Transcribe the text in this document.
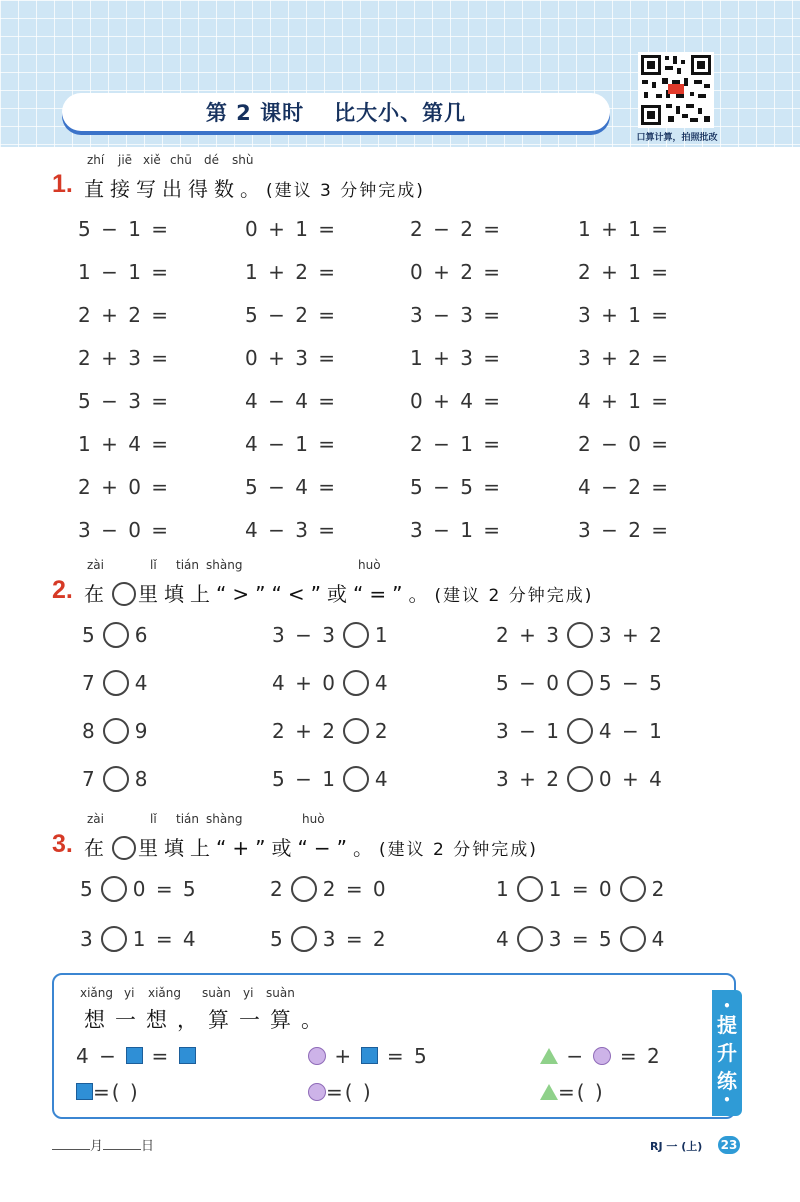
第 2 课时 比大小、第几
口算计算，拍照批改
zhí jiē xiě chū dé shù
1. 直接写出得数。(建议 3 分钟完成)
5 − 1 =	0 + 1 =	2 − 2 =	1 + 1 =
1 − 1 =	1 + 2 =	0 + 2 =	2 + 1 =
2 + 2 =	5 − 2 =	3 − 3 =	3 + 1 =
2 + 3 =	0 + 3 =	1 + 3 =	3 + 2 =
5 − 3 =	4 − 4 =	0 + 4 =	4 + 1 =
1 + 4 =	4 − 1 =	2 − 1 =	2 − 0 =
2 + 0 =	5 − 4 =	5 − 5 =	4 − 2 =
3 − 0 =	4 − 3 =	3 − 1 =	3 − 2 =
zài	lǐ tián shàng	huò
2. 在 里填上“>”“<”或“=”。(建议 2 分钟完成)
5 6	3 − 3 1	2 + 3 3 + 2
7 4	4 + 0 4	5 − 0 5 − 5
8 9	2 + 2 2	3 − 1 4 − 1
7 8	5 − 1 4	3 + 2 0 + 4
zài	lǐ tián shàng	huò
3. 在 里填上“+”或“−”。(建议 2 分钟完成)
5 0 = 5	2 2 = 0	1 1 = 0 2
3 1 = 4	5 3 = 2	4 3 = 5 4
•
提
升
练
•
xiǎng yi xiǎng suàn yi suàn
想一想，算一算。
4 −  =	+  = 5	−  = 2
=( )	=( )	=( )
月	日	RJ 一 (上) 23
